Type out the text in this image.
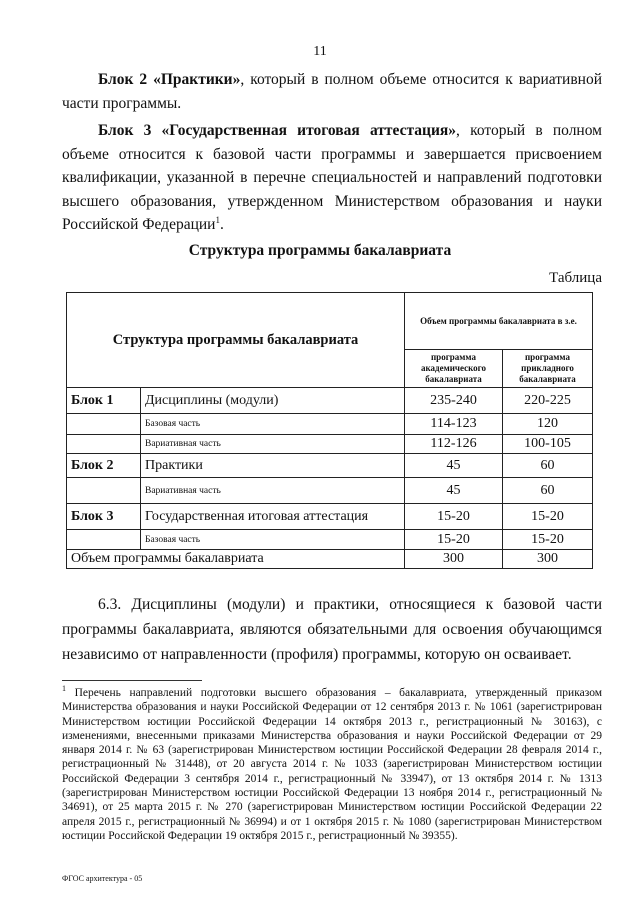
11
Блок 2 «Практики», который в полном объеме относится к вариативной части программы.
Блок 3 «Государственная итоговая аттестация», который в полном объеме относится к базовой части программы и завершается присвоением квалификации, указанной в перечне специальностей и направлений подготовки высшего образования, утвержденном Министерством образования и науки Российской Федерации$^1$.
Структура программы бакалавриата
Таблица
Структура программы бакалавриата		Объем программы бакалавриата в з.е.	
		программа академического бакалавриата	программа прикладного бакалавриата
Блок 1	Дисциплины (модули)	235-240	220-225
	Базовая часть	114-123	120
	Вариативная часть	112-126	100-105
Блок 2	Практики	45	60
	Вариативная часть	45	60
Блок 3	Государственная итоговая аттестация	15-20	15-20
	Базовая часть	15-20	15-20
Объем программы бакалавриата		300	300
6.3. Дисциплины (модули) и практики, относящиеся к базовой части программы бакалавриата, являются обязательными для освоения обучающимся независимо от направленности (профиля) программы, которую он осваивает.
$^1$ Перечень направлений подготовки высшего образования – бакалавриата, утвержденный приказом Министерства образования и науки Российской Федерации от 12 сентября 2013 г. № 1061 (зарегистрирован Министерством юстиции Российской Федерации 14 октября 2013 г., регистрационный № 30163), с изменениями, внесенными приказами Министерства образования и науки Российской Федерации от 29 января 2014 г. № 63 (зарегистрирован Министерством юстиции Российской Федерации 28 февраля 2014 г., регистрационный № 31448), от 20 августа 2014 г. № 1033 (зарегистрирован Министерством юстиции Российской Федерации 3 сентября 2014 г., регистрационный № 33947), от 13 октября 2014 г. № 1313 (зарегистрирован Министерством юстиции Российской Федерации 13 ноября 2014 г., регистрационный № 34691), от 25 марта 2015 г. № 270 (зарегистрирован Министерством юстиции Российской Федерации 22 апреля 2015 г., регистрационный № 36994) и от 1 октября 2015 г. № 1080 (зарегистрирован Министерством юстиции Российской Федерации 19 октября 2015 г., регистрационный № 39355).
ФГОС архитектура - 05
